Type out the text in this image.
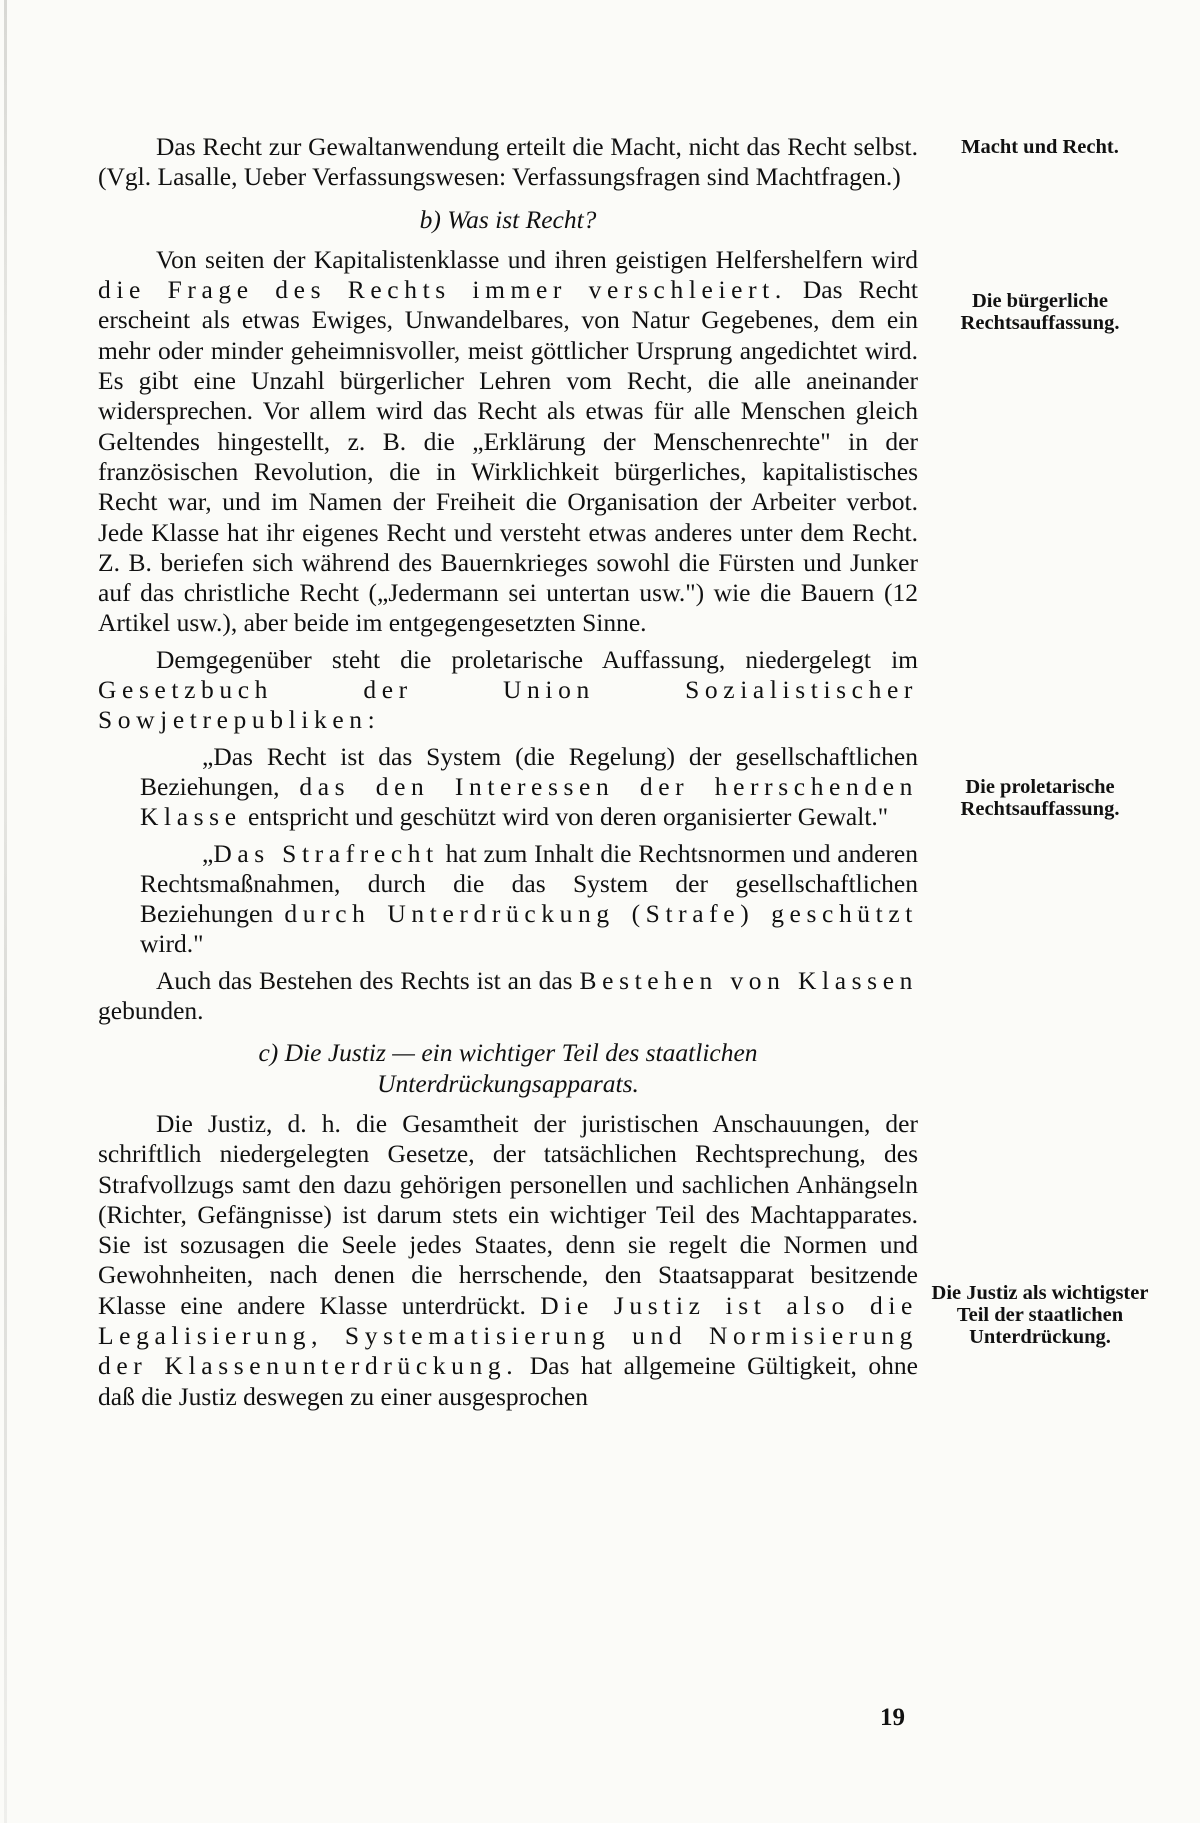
Das Recht zur Gewaltanwendung erteilt die Macht, nicht das Recht selbst. (Vgl. Lasalle, Ueber Verfassungswesen: Verfassungsfragen sind Machtfragen.)

b) Was ist Recht?

Von seiten der Kapitalistenklasse und ihren geistigen Helfershelfern wird die Frage des Rechts immer verschleiert. Das Recht erscheint als etwas Ewiges, Unwandelbares, von Natur Gegebenes, dem ein mehr oder minder geheimnisvoller, meist göttlicher Ursprung angedichtet wird. Es gibt eine Unzahl bürgerlicher Lehren vom Recht, die alle aneinander widersprechen. Vor allem wird das Recht als etwas für alle Menschen gleich Geltendes hingestellt, z. B. die „Erklärung der Menschenrechte" in der französischen Revolution, die in Wirklichkeit bürgerliches, kapitalistisches Recht war, und im Namen der Freiheit die Organisation der Arbeiter verbot. Jede Klasse hat ihr eigenes Recht und versteht etwas anderes unter dem Recht. Z. B. beriefen sich während des Bauernkrieges sowohl die Fürsten und Junker auf das christliche Recht („Jedermann sei untertan usw.") wie die Bauern (12 Artikel usw.), aber beide im entgegengesetzten Sinne.

Demgegenüber steht die proletarische Auffassung, niedergelegt im Gesetzbuch der Union Sozialistischer Sowjetrepubliken:

„Das Recht ist das System (die Regelung) der gesellschaftlichen Beziehungen, das den Interessen der herrschenden Klasse entspricht und geschützt wird von deren organisierter Gewalt."

„Das Strafrecht hat zum Inhalt die Rechtsnormen und anderen Rechtsmaßnahmen, durch die das System der gesellschaftlichen Beziehungen durch Unterdrückung (Strafe) geschützt wird."

Auch das Bestehen des Rechts ist an das Bestehen von Klassen gebunden.

c) Die Justiz — ein wichtiger Teil des staatlichen
Unterdrückungsapparats.

Die Justiz, d. h. die Gesamtheit der juristischen Anschauungen, der schriftlich niedergelegten Gesetze, der tatsächlichen Rechtsprechung, des Strafvollzugs samt den dazu gehörigen personellen und sachlichen Anhängseln (Richter, Gefängnisse) ist darum stets ein wichtiger Teil des Machtapparates. Sie ist sozusagen die Seele jedes Staates, denn sie regelt die Normen und Gewohnheiten, nach denen die herrschende, den Staatsapparat besitzende Klasse eine andere Klasse unterdrückt. Die Justiz ist also die Legalisierung, Systematisierung und Normisierung der Klassenunterdrückung. Das hat allgemeine Gültigkeit, ohne daß die Justiz deswegen zu einer ausgesprochen

Macht und Recht.
Die bürgerliche Rechtsauffassung.
Die proletarische Rechtsauffassung.
Die Justiz als wichtigster Teil der staatlichen Unterdrückung.
19
